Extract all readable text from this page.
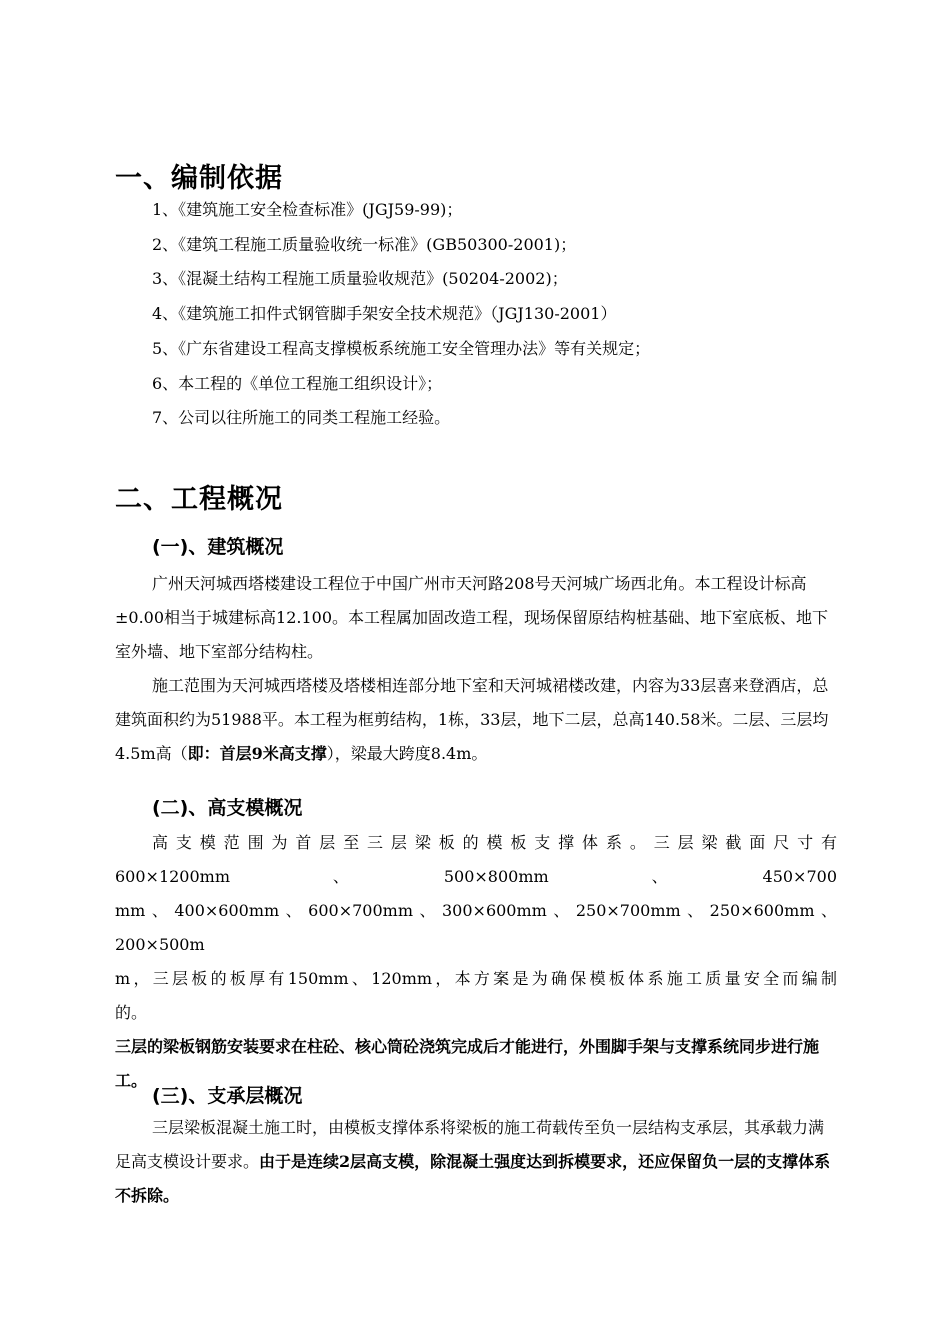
一、编制依据
1、《建筑施工安全检查标准》(JGJ59-99)；
2、《建筑工程施工质量验收统一标准》(GB50300-2001)；
3、《混凝土结构工程施工质量验收规范》(50204-2002)；
4、《建筑施工扣件式钢管脚手架安全技术规范》（JGJ130-2001）
5、《广东省建设工程高支撑模板系统施工安全管理办法》等有关规定；
6、本工程的《单位工程施工组织设计》；
7、公司以往所施工的同类工程施工经验。
二、工程概况
(一)、建筑概况

广州天河城西塔楼建设工程位于中国广州市天河路208号天河城广场西北角。本工程设计标高±0.00相当于城建标高12.100。本工程属加固改造工程，现场保留原结构桩基础、地下室底板、地下室外墙、地下室部分结构柱。

施工范围为天河城西塔楼及塔楼相连部分地下室和天河城裙楼改建，内容为33层喜来登酒店，总建筑面积约为51988平。本工程为框剪结构，1栋，33层，地下二层，总高140.58米。二层、三层均4.5m高（即：首层9米高支撑），梁最大跨度8.4m。

(二)、高支模概况

高支模范围为首层至三层梁板的模板支撑体系。三层梁截面尺寸有

600×1200mm　　　　　、　　　　　500×800mm　　　　　、　　　　　450×700

mm、400×600mm、600×700mm、300×600mm、250×700mm、250×600mm、200×500m

m，三层板的板厚有150mm、120mm，本方案是为确保模板体系施工质量安全而编制

的。

三层的梁板钢筋安装要求在柱砼、核心筒砼浇筑完成后才能进行，外围脚手架与支撑系统同步进行施工。

(三)、支承层概况

三层梁板混凝土施工时，由模板支撑体系将梁板的施工荷载传至负一层结构支承层，其承载力满足高支模设计要求。由于是连续2层高支模，除混凝土强度达到拆模要求，还应保留负一层的支撑体系不拆除。
